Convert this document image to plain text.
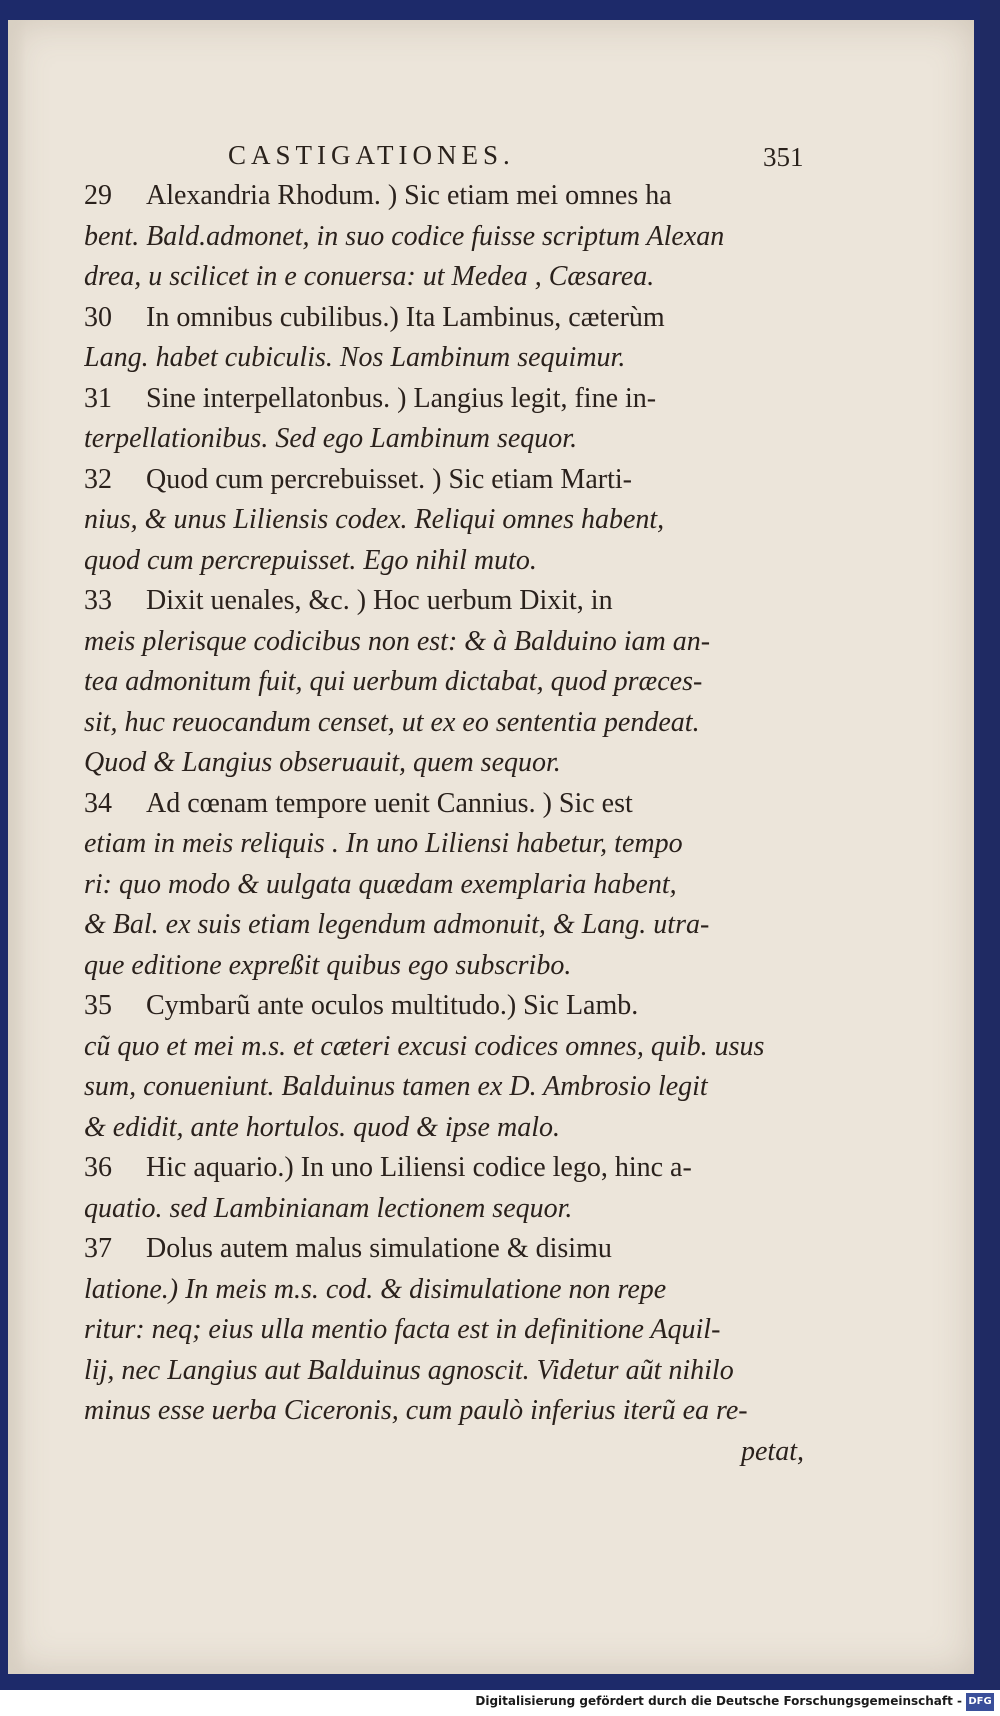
CASTIGATIONES.	351
29 Alexandria Rhodum. ) Sic etiam mei omnes ha
bent. Bald.admonet, in suo codice fuisse scriptum Alexan
drea, u scilicet in e conuersa: ut Medea , Cæsarea.
30 In omnibus cubilibus.) Ita Lambinus, cæterùm
Lang. habet cubiculis. Nos Lambinum sequimur.
31 Sine interpellatonbus. ) Langius legit, fine in-
terpellationibus. Sed ego Lambinum sequor.
32 Quod cum percrebuisset. ) Sic etiam Marti-
nius, & unus Liliensis codex. Reliqui omnes habent,
quod cum percrepuisset. Ego nihil muto.
33 Dixit uenales, &c. ) Hoc uerbum Dixit, in
meis plerisque codicibus non est: & à Balduino iam an-
tea admonitum fuit, qui uerbum dictabat, quod præces-
sit, huc reuocandum censet, ut ex eo sententia pendeat.
Quod & Langius obseruauit, quem sequor.
34 Ad cœnam tempore uenit Cannius. ) Sic est
etiam in meis reliquis . In uno Liliensi habetur, tempo
ri: quo modo & uulgata quædam exemplaria habent,
& Bal. ex suis etiam legendum admonuit, & Lang. utra-
que editione expreßit quibus ego subscribo.
35 Cymbarũ ante oculos multitudo.) Sic Lamb.
cũ quo et mei m.s. et cæteri excusi codices omnes, quib. usus
sum, conueniunt. Balduinus tamen ex D. Ambrosio legit
& edidit, ante hortulos. quod & ipse malo.
36 Hic aquario.) In uno Liliensi codice lego, hinc a-
quatio. sed Lambinianam lectionem sequor.
37 Dolus autem malus simulatione & disimu
latione.) In meis m.s. cod. & disimulatione non repe
ritur: neq; eius ulla mentio facta est in definitione Aquil-
lij, nec Langius aut Balduinus agnoscit. Videtur aũt nihilo
minus esse uerba Ciceronis, cum paulò inferius iterũ ea re-
petat,
Digitalisierung gefördert durch die Deutsche Forschungsgemeinschaft - DFG
